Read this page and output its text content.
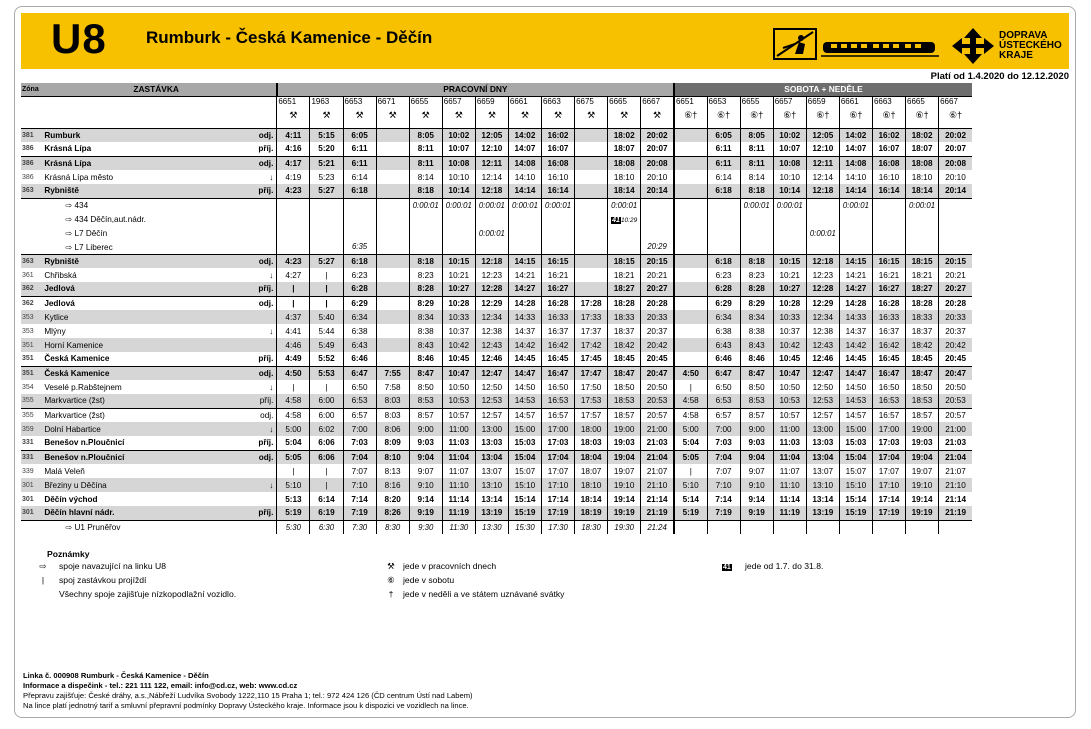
U8 Rumburk - Česká Kamenice - Děčín	DOPRAVA
ÚSTECKÉHO
KRAJE
Platí od 1.4.2020 do 12.12.2020
Zóna	ZASTÁVKA		PRACOVNÍ DNY												SOBOTA + NEDĚLE								
			6651	1963	6653	6671	6655	6657	6659	6661	6663	6675	6665	6667	6651	6653	6655	6657	6659	6661	6663	6665	6667
			⚒	⚒	⚒	⚒	⚒	⚒	⚒	⚒	⚒	⚒	⚒	⚒	⑥†	⑥†	⑥†	⑥†	⑥†	⑥†	⑥†	⑥†	⑥†
381	Rumburk	odj.	4:11	5:15	6:05		8:05	10:02	12:05	14:02	16:02		18:02	20:02		6:05	8:05	10:02	12:05	14:02	16:02	18:02	20:02
386	Krásná Lípa	příj.	4:16	5:20	6:11		8:11	10:07	12:10	14:07	16:07		18:07	20:07		6:11	8:11	10:07	12:10	14:07	16:07	18:07	20:07
386	Krásná Lípa	odj.	4:17	5:21	6:11		8:11	10:08	12:11	14:08	16:08		18:08	20:08		6:11	8:11	10:08	12:11	14:08	16:08	18:08	20:08
386	Krásná Lípa město	↓	4:19	5:23	6:14		8:14	10:10	12:14	14:10	16:10		18:10	20:10		6:14	8:14	10:10	12:14	14:10	16:10	18:10	20:10
363	Rybniště	příj.	4:23	5:27	6:18		8:18	10:14	12:18	14:14	16:14		18:14	20:14		6:18	8:18	10:14	12:18	14:14	16:14	18:14	20:14
	⇨ 434						0:00:01	0:00:01	0:00:01	0:00:01	0:00:01		0:00:01				0:00:01	0:00:01		0:00:01		0:00:01	
	⇨ 434 Děčín,aut.nádr.												4110:29										
	⇨ L7 Děčín								0:00:01										0:00:01				
	⇨ L7 Liberec				6:35									20:29									
363	Rybniště	odj.	4:23	5:27	6:18		8:18	10:15	12:18	14:15	16:15		18:15	20:15		6:18	8:18	10:15	12:18	14:15	16:15	18:15	20:15
361	Chřibská	↓	4:27	|	6:23		8:23	10:21	12:23	14:21	16:21		18:21	20:21		6:23	8:23	10:21	12:23	14:21	16:21	18:21	20:21
362	Jedlová	příj.	|	|	6:28		8:28	10:27	12:28	14:27	16:27		18:27	20:27		6:28	8:28	10:27	12:28	14:27	16:27	18:27	20:27
362	Jedlová	odj.	|	|	6:29		8:29	10:28	12:29	14:28	16:28	17:28	18:28	20:28		6:29	8:29	10:28	12:29	14:28	16:28	18:28	20:28
353	Kytlice		4:37	5:40	6:34		8:34	10:33	12:34	14:33	16:33	17:33	18:33	20:33		6:34	8:34	10:33	12:34	14:33	16:33	18:33	20:33
353	Mlýny	↓	4:41	5:44	6:38		8:38	10:37	12:38	14:37	16:37	17:37	18:37	20:37		6:38	8:38	10:37	12:38	14:37	16:37	18:37	20:37
351	Horní Kamenice		4:46	5:49	6:43		8:43	10:42	12:43	14:42	16:42	17:42	18:42	20:42		6:43	8:43	10:42	12:43	14:42	16:42	18:42	20:42
351	Česká Kamenice	příj.	4:49	5:52	6:46		8:46	10:45	12:46	14:45	16:45	17:45	18:45	20:45		6:46	8:46	10:45	12:46	14:45	16:45	18:45	20:45
351	Česká Kamenice	odj.	4:50	5:53	6:47	7:55	8:47	10:47	12:47	14:47	16:47	17:47	18:47	20:47	4:50	6:47	8:47	10:47	12:47	14:47	16:47	18:47	20:47
354	Veselé p.Rabštejnem	↓	|	|	6:50	7:58	8:50	10:50	12:50	14:50	16:50	17:50	18:50	20:50	|	6:50	8:50	10:50	12:50	14:50	16:50	18:50	20:50
355	Markvartice (žst)	příj.	4:58	6:00	6:53	8:03	8:53	10:53	12:53	14:53	16:53	17:53	18:53	20:53	4:58	6:53	8:53	10:53	12:53	14:53	16:53	18:53	20:53
355	Markvartice (žst)	odj.	4:58	6:00	6:57	8:03	8:57	10:57	12:57	14:57	16:57	17:57	18:57	20:57	4:58	6:57	8:57	10:57	12:57	14:57	16:57	18:57	20:57
359	Dolní Habartice	↓	5:00	6:02	7:00	8:06	9:00	11:00	13:00	15:00	17:00	18:00	19:00	21:00	5:00	7:00	9:00	11:00	13:00	15:00	17:00	19:00	21:00
331	Benešov n.Ploučnicí	příj.	5:04	6:06	7:03	8:09	9:03	11:03	13:03	15:03	17:03	18:03	19:03	21:03	5:04	7:03	9:03	11:03	13:03	15:03	17:03	19:03	21:03
331	Benešov n.Ploučnicí	odj.	5:05	6:06	7:04	8:10	9:04	11:04	13:04	15:04	17:04	18:04	19:04	21:04	5:05	7:04	9:04	11:04	13:04	15:04	17:04	19:04	21:04
339	Malá Veleň		|	|	7:07	8:13	9:07	11:07	13:07	15:07	17:07	18:07	19:07	21:07	|	7:07	9:07	11:07	13:07	15:07	17:07	19:07	21:07
301	Březiny u Děčína	↓	5:10	|	7:10	8:16	9:10	11:10	13:10	15:10	17:10	18:10	19:10	21:10	5:10	7:10	9:10	11:10	13:10	15:10	17:10	19:10	21:10
301	Děčín východ		5:13	6:14	7:14	8:20	9:14	11:14	13:14	15:14	17:14	18:14	19:14	21:14	5:14	7:14	9:14	11:14	13:14	15:14	17:14	19:14	21:14
301	Děčín hlavní nádr.	příj.	5:19	6:19	7:19	8:26	9:19	11:19	13:19	15:19	17:19	18:19	19:19	21:19	5:19	7:19	9:19	11:19	13:19	15:19	17:19	19:19	21:19
	⇨ U1 Pruněřov		5:30	6:30	7:30	8:30	9:30	11:30	13:30	15:30	17:30	18:30	19:30	21:24									
Poznámky
⇨	spoje navazující na linku U8
|	spoj zastávkou projíždí
Všechny spoje zajišťuje nízkopodlažní vozidlo.
⚒ jede v pracovních dnech
⑥ jede v sobotu
†	jede v neděli a ve státem uznávané svátky
41 jede od 1.7. do 31.8.
Linka č. 000908 Rumburk - Česká Kamenice - Děčín
Informace a dispečink - tel.: 221 111 122, email: info@cd.cz, web: www.cd.cz
Přepravu zajišťuje: České dráhy, a.s.,Nábřeží Ludvíka Svobody 1222,110 15 Praha 1; tel.: 972 424 126 (ČD centrum Ústí nad Labem)
Na lince platí jednotný tarif a smluvní přepravní podmínky Dopravy Ústeckého kraje. Informace jsou k dispozici ve vozidlech na lince.
